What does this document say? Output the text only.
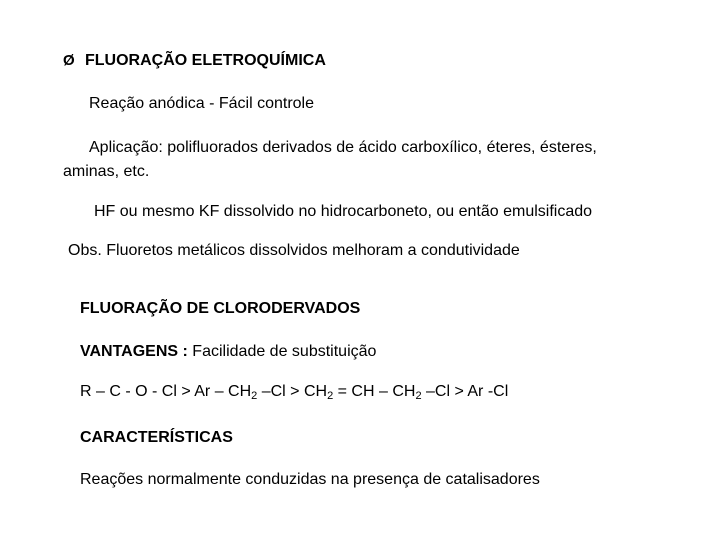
Ø FLUORAÇÃO ELETROQUÍMICA
Reação anódica - Fácil controle
Aplicação: polifluorados derivados de ácido carboxílico, éteres, ésteres,
aminas, etc.
HF ou mesmo KF dissolvido no hidrocarboneto, ou então emulsificado
Obs. Fluoretos metálicos dissolvidos melhoram a condutividade
FLUORAÇÃO DE CLORODERVADOS
VANTAGENS : Facilidade de substituição
$R - C - O - Cl > Ar - CH_2$ $-Cl > CH_2$ = CH – $CH_2$ –Cl > Ar -Cl
CARACTERÍSTICAS
Reações normalmente conduzidas na presença de catalisadores
